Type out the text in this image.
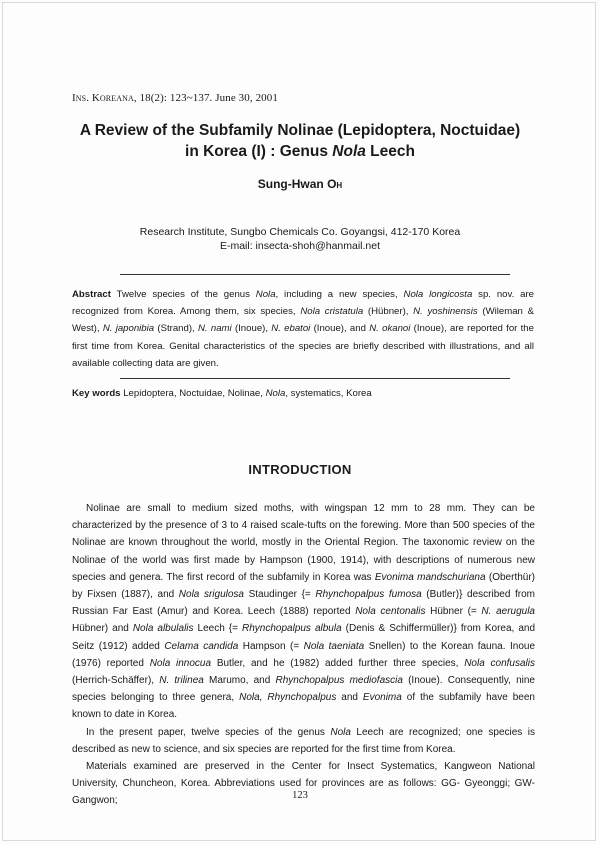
Ins. Koreana, 18(2): 123~137. June 30, 2001
A Review of the Subfamily Nolinae (Lepidoptera, Noctuidae)
in Korea (I) : Genus Nola Leech
Sung-Hwan Oh
Research Institute, Sungbo Chemicals Co. Goyangsi, 412-170 Korea
E-mail: insecta-shoh@hanmail.net
Abstract Twelve species of the genus Nola, including a new species, Nola longicosta sp. nov. are recognized from Korea. Among them, six species, Nola cristatula (Hübner), N. yoshinensis (Wileman & West), N. japonibia (Strand), N. nami (Inoue), N. ebatoi (Inoue), and N. okanoi (Inoue), are reported for the first time from Korea. Genital characteristics of the species are briefly described with illustrations, and all available collecting data are given.
Key words Lepidoptera, Noctuidae, Nolinae, Nola, systematics, Korea
INTRODUCTION

Nolinae are small to medium sized moths, with wingspan 12 mm to 28 mm. They can be characterized by the presence of 3 to 4 raised scale-tufts on the forewing. More than 500 species of the Nolinae are known throughout the world, mostly in the Oriental Region. The taxonomic review on the Nolinae of the world was first made by Hampson (1900, 1914), with descriptions of numerous new species and genera. The first record of the subfamily in Korea was Evonima mandschuriana (Oberthür) by Fixsen (1887), and Nola srigulosa Staudinger {= Rhynchopalpus fumosa (Butler)} described from Russian Far East (Amur) and Korea. Leech (1888) reported Nola centonalis Hübner (= N. aerugula Hübner) and Nola albulalis Leech {= Rhynchopalpus albula (Denis & Schiffermüller)} from Korea, and Seitz (1912) added Celama candida Hampson (= Nola taeniata Snellen) to the Korean fauna. Inoue (1976) reported Nola innocua Butler, and he (1982) added further three species, Nola confusalis (Herrich-Schäffer), N. trilinea Marumo, and Rhynchopalpus mediofascia (Inoue). Consequently, nine species belonging to three genera, Nola, Rhynchopalpus and Evonima of the subfamily have been known to date in Korea.

In the present paper, twelve species of the genus Nola Leech are recognized; one species is described as new to science, and six species are reported for the first time from Korea.

Materials examined are preserved in the Center for Insect Systematics, Kangweon National University, Chuncheon, Korea. Abbreviations used for provinces are as follows: GG- Gyeonggi; GW- Gangwon;	123
